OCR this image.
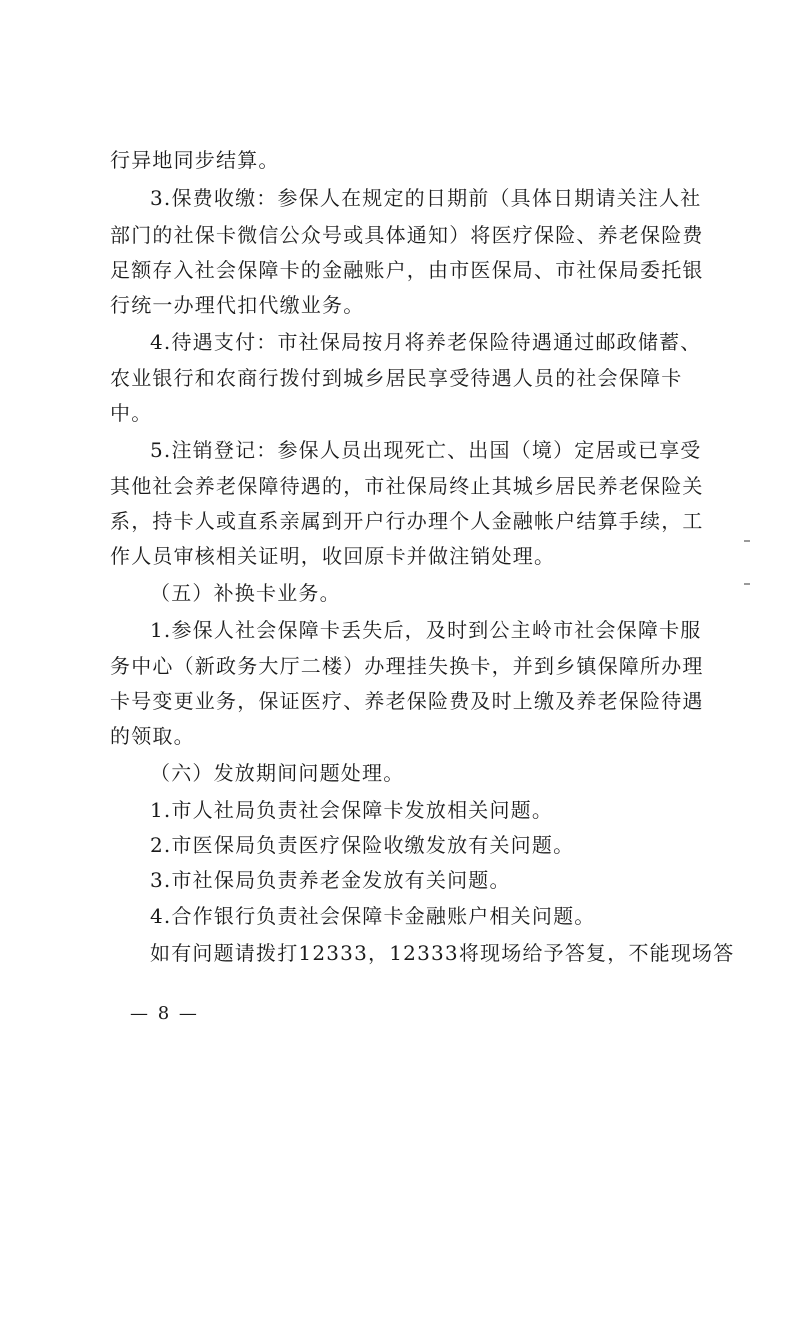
行异地同步结算。
3.保费收缴：参保人在规定的日期前（具体日期请关注人社
部门的社保卡微信公众号或具体通知）将医疗保险、养老保险费
足额存入社会保障卡的金融账户，由市医保局、市社保局委托银
行统一办理代扣代缴业务。
4.待遇支付：市社保局按月将养老保险待遇通过邮政储蓄、
农业银行和农商行拨付到城乡居民享受待遇人员的社会保障卡
中。
5.注销登记：参保人员出现死亡、出国（境）定居或已享受
其他社会养老保障待遇的，市社保局终止其城乡居民养老保险关
系，持卡人或直系亲属到开户行办理个人金融帐户结算手续，工
作人员审核相关证明，收回原卡并做注销处理。
（五）补换卡业务。
1.参保人社会保障卡丢失后，及时到公主岭市社会保障卡服
务中心（新政务大厅二楼）办理挂失换卡，并到乡镇保障所办理
卡号变更业务，保证医疗、养老保险费及时上缴及养老保险待遇
的领取。
（六）发放期间问题处理。
1.市人社局负责社会保障卡发放相关问题。
2.市医保局负责医疗保险收缴发放有关问题。
3.市社保局负责养老金发放有关问题。
4.合作银行负责社会保障卡金融账户相关问题。
如有问题请拨打12333，12333将现场给予答复，不能现场答
— 8 —
